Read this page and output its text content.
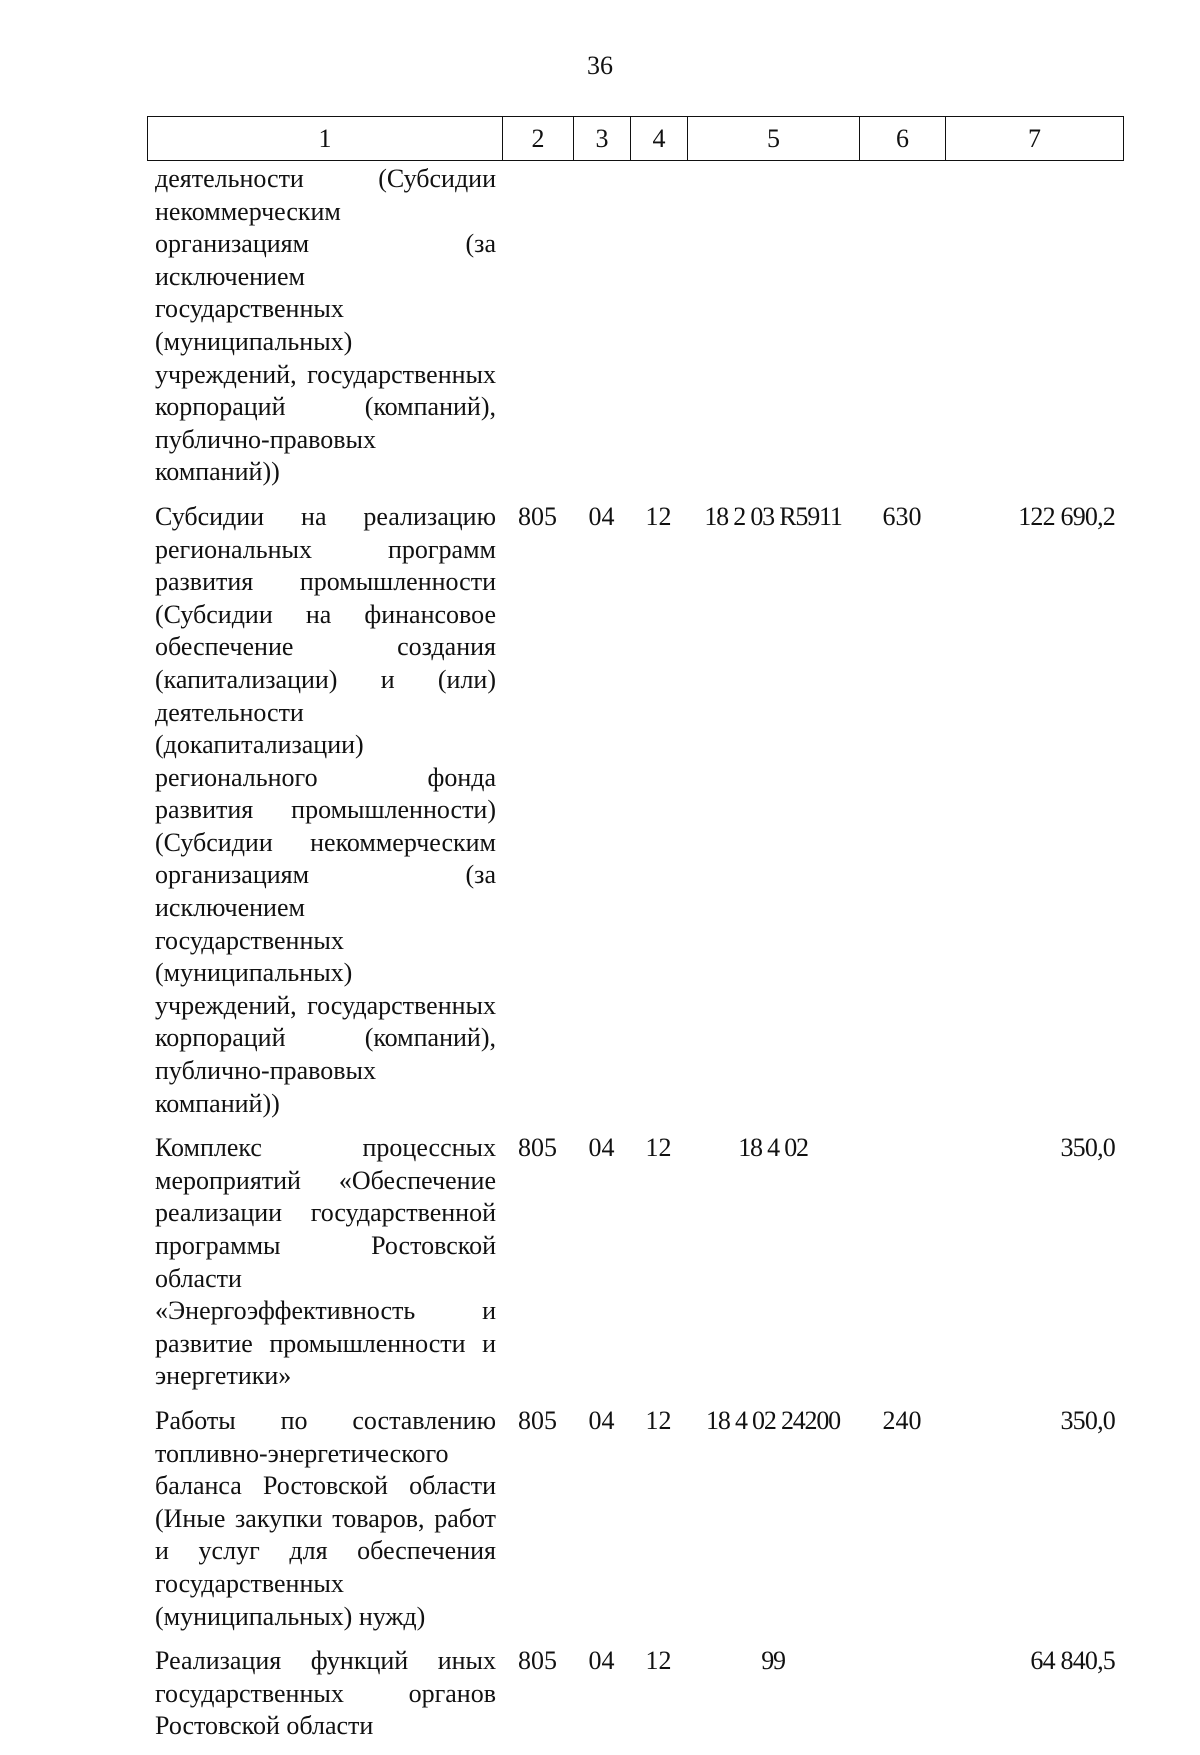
36
1	2	3	4	5	6	7
деятельности (Субсидии некоммерческим организациям (за исключением государственных (муниципальных) учреждений, государственных корпораций (компаний), публично-правовых компаний))						
Субсидии на реализацию региональных программ развития промышленности (Субсидии на финансовое обеспечение создания (капитализации) и (или) деятельности (докапитализации) регионального фонда развития промышленности) (Субсидии некоммерческим организациям (за исключением государственных (муниципальных) учреждений, государственных корпораций (компаний), публично-правовых компаний))	805	04	12	18 2 03 R5911	630	122 690,2
Комплекс процессных мероприятий «Обеспечение реализации государственной программы Ростовской области «Энергоэффективность и развитие промышленности и энергетики»	805	04	12	18 4 02		350,0
Работы по составлению топливно-энергетического баланса Ростовской области (Иные закупки товаров, работ и услуг для обеспечения государственных (муниципальных) нужд)	805	04	12	18 4 02 24200	240	350,0
Реализация функций иных государственных органов Ростовской области	805	04	12	99		64 840,5
